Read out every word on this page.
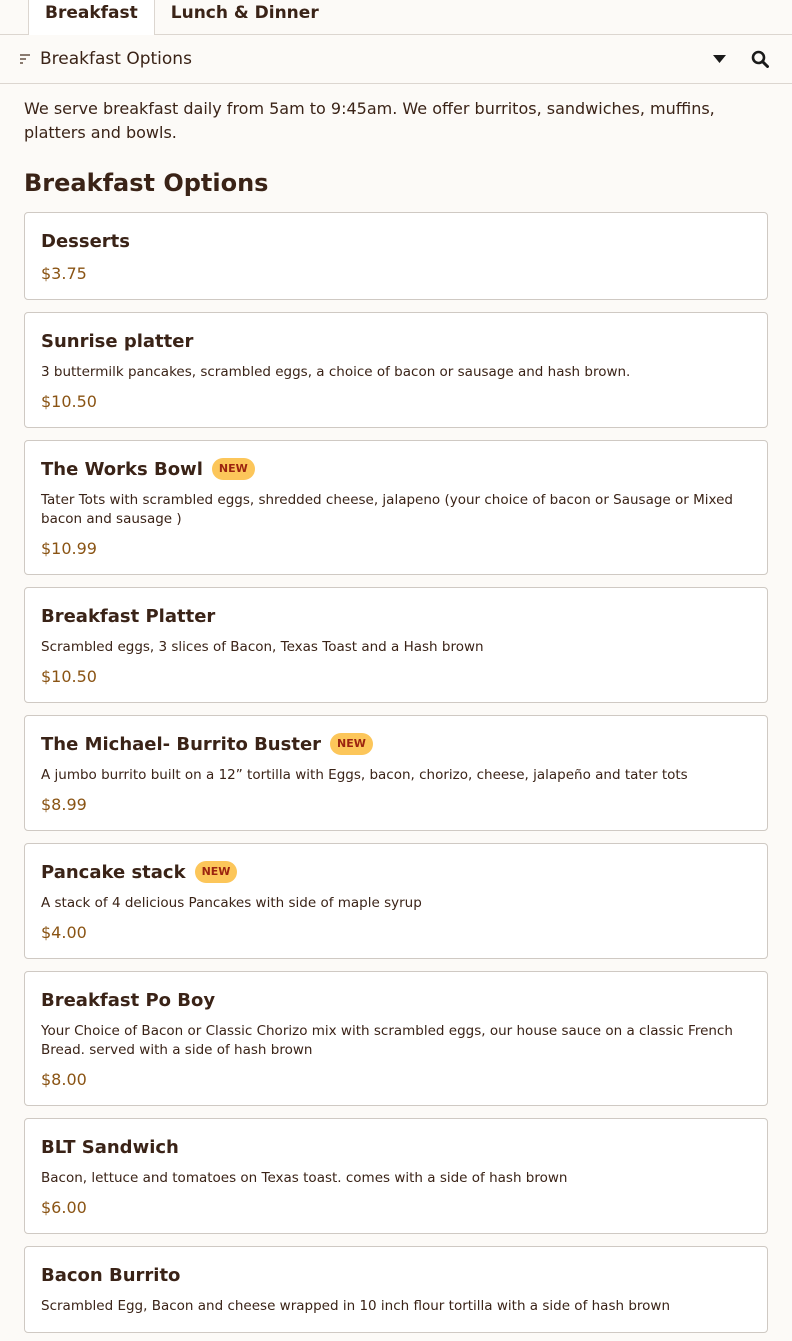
Breakfast	Lunch & Dinner
Breakfast Options

We serve breakfast daily from 5am to 9:45am. We offer burritos, sandwiches, muffins, platters and bowls.

Breakfast Options
Desserts
$3.75
Sunrise platter
3 buttermilk pancakes, scrambled eggs, a choice of bacon or sausage and hash brown.
$10.50
The Works Bowl	NEW
Tater Tots with scrambled eggs, shredded cheese, jalapeno (your choice of bacon or Sausage or Mixed bacon and sausage )
$10.99
Breakfast Platter
Scrambled eggs, 3 slices of Bacon, Texas Toast and a Hash brown
$10.50
The Michael- Burrito Buster	NEW
A jumbo burrito built on a 12” tortilla with Eggs, bacon, chorizo, cheese, jalapeño and tater tots
$8.99
Pancake stack	NEW
A stack of 4 delicious Pancakes with side of maple syrup
$4.00
Breakfast Po Boy
Your Choice of Bacon or Classic Chorizo mix with scrambled eggs, our house sauce on a classic French Bread. served with a side of hash brown
$8.00
BLT Sandwich
Bacon, lettuce and tomatoes on Texas toast. comes with a side of hash brown
$6.00
Bacon Burrito
Scrambled Egg, Bacon and cheese wrapped in 10 inch flour tortilla with a side of hash brown
